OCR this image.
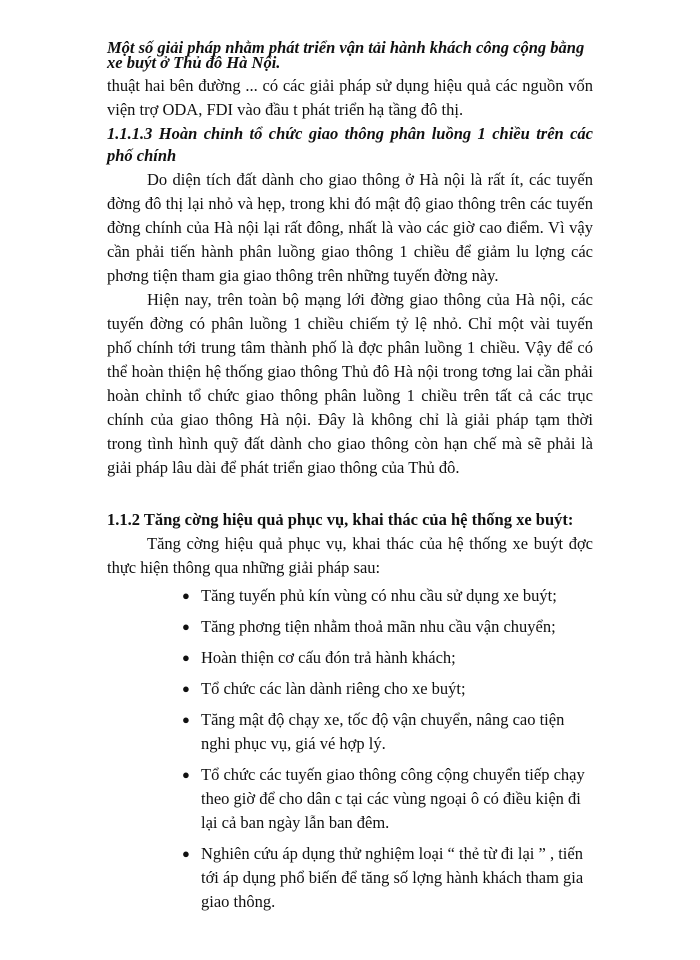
Một số giải pháp nhằm phát triển vận tải hành khách công cộng bằng
xe buýt ở Thủ đô Hà Nội.

thuật hai bên đường ... có các giải pháp sử dụng hiệu quả các nguồn vốn viện trợ ODA, FDI vào đầu t phát triển hạ tầng đô thị.

1.1.1.3 Hoàn chỉnh tổ chức giao thông phân luồng 1 chiều trên các phố chính

Do diện tích đất dành cho giao thông ở Hà nội là rất ít, các tuyến đờng đô thị lại nhỏ và hẹp, trong khi đó mật độ giao thông trên các tuyến đờng chính của Hà nội lại rất đông, nhất là vào các giờ cao điểm. Vì vậy cần phải tiến hành phân luồng giao thông 1 chiều để giảm lu lợng các phơng tiện tham gia giao thông trên những tuyến đờng này.

Hiện nay, trên toàn bộ mạng lới đờng giao thông của Hà nội, các tuyến đờng có phân luồng 1 chiều chiếm tỷ lệ nhỏ. Chỉ một vài tuyến phố chính tới trung tâm thành phố là đợc phân luồng 1 chiều. Vậy để có thể hoàn thiện hệ thống giao thông Thủ đô Hà nội trong tơng lai cần phải hoàn chỉnh tổ chức giao thông phân luồng 1 chiều trên tất cả các trục chính của giao thông Hà nội. Đây là không chỉ là giải pháp tạm thời trong tình hình quỹ đất dành cho giao thông còn hạn chế mà sẽ phải là giải pháp lâu dài để phát triển giao thông của Thủ đô.

1.1.2 Tăng cờng hiệu quả phục vụ, khai thác của hệ thống xe buýt:

Tăng cờng hiệu quả phục vụ, khai thác của hệ thống xe buýt đợc thực hiện thông qua những giải pháp sau:

● Tăng tuyến phủ kín vùng có nhu cầu sử dụng xe buýt;
● Tăng phơng tiện nhằm thoả mãn nhu cầu vận chuyển;
● Hoàn thiện cơ cấu đón trả hành khách;
● Tổ chức các làn dành riêng cho xe buýt;
● Tăng mật độ chạy xe, tốc độ vận chuyển, nâng cao tiện nghi phục vụ, giá vé hợp lý.
● Tổ chức các tuyến giao thông công cộng chuyển tiếp chạy theo giờ để cho dân c tại các vùng ngoại ô có điều kiện đi lại cả ban ngày lẫn ban đêm.
● Nghiên cứu áp dụng thử nghiệm loại “ thẻ từ đi lại ” , tiến tới áp dụng phổ biến để tăng số lợng hành khách tham gia giao thông.
